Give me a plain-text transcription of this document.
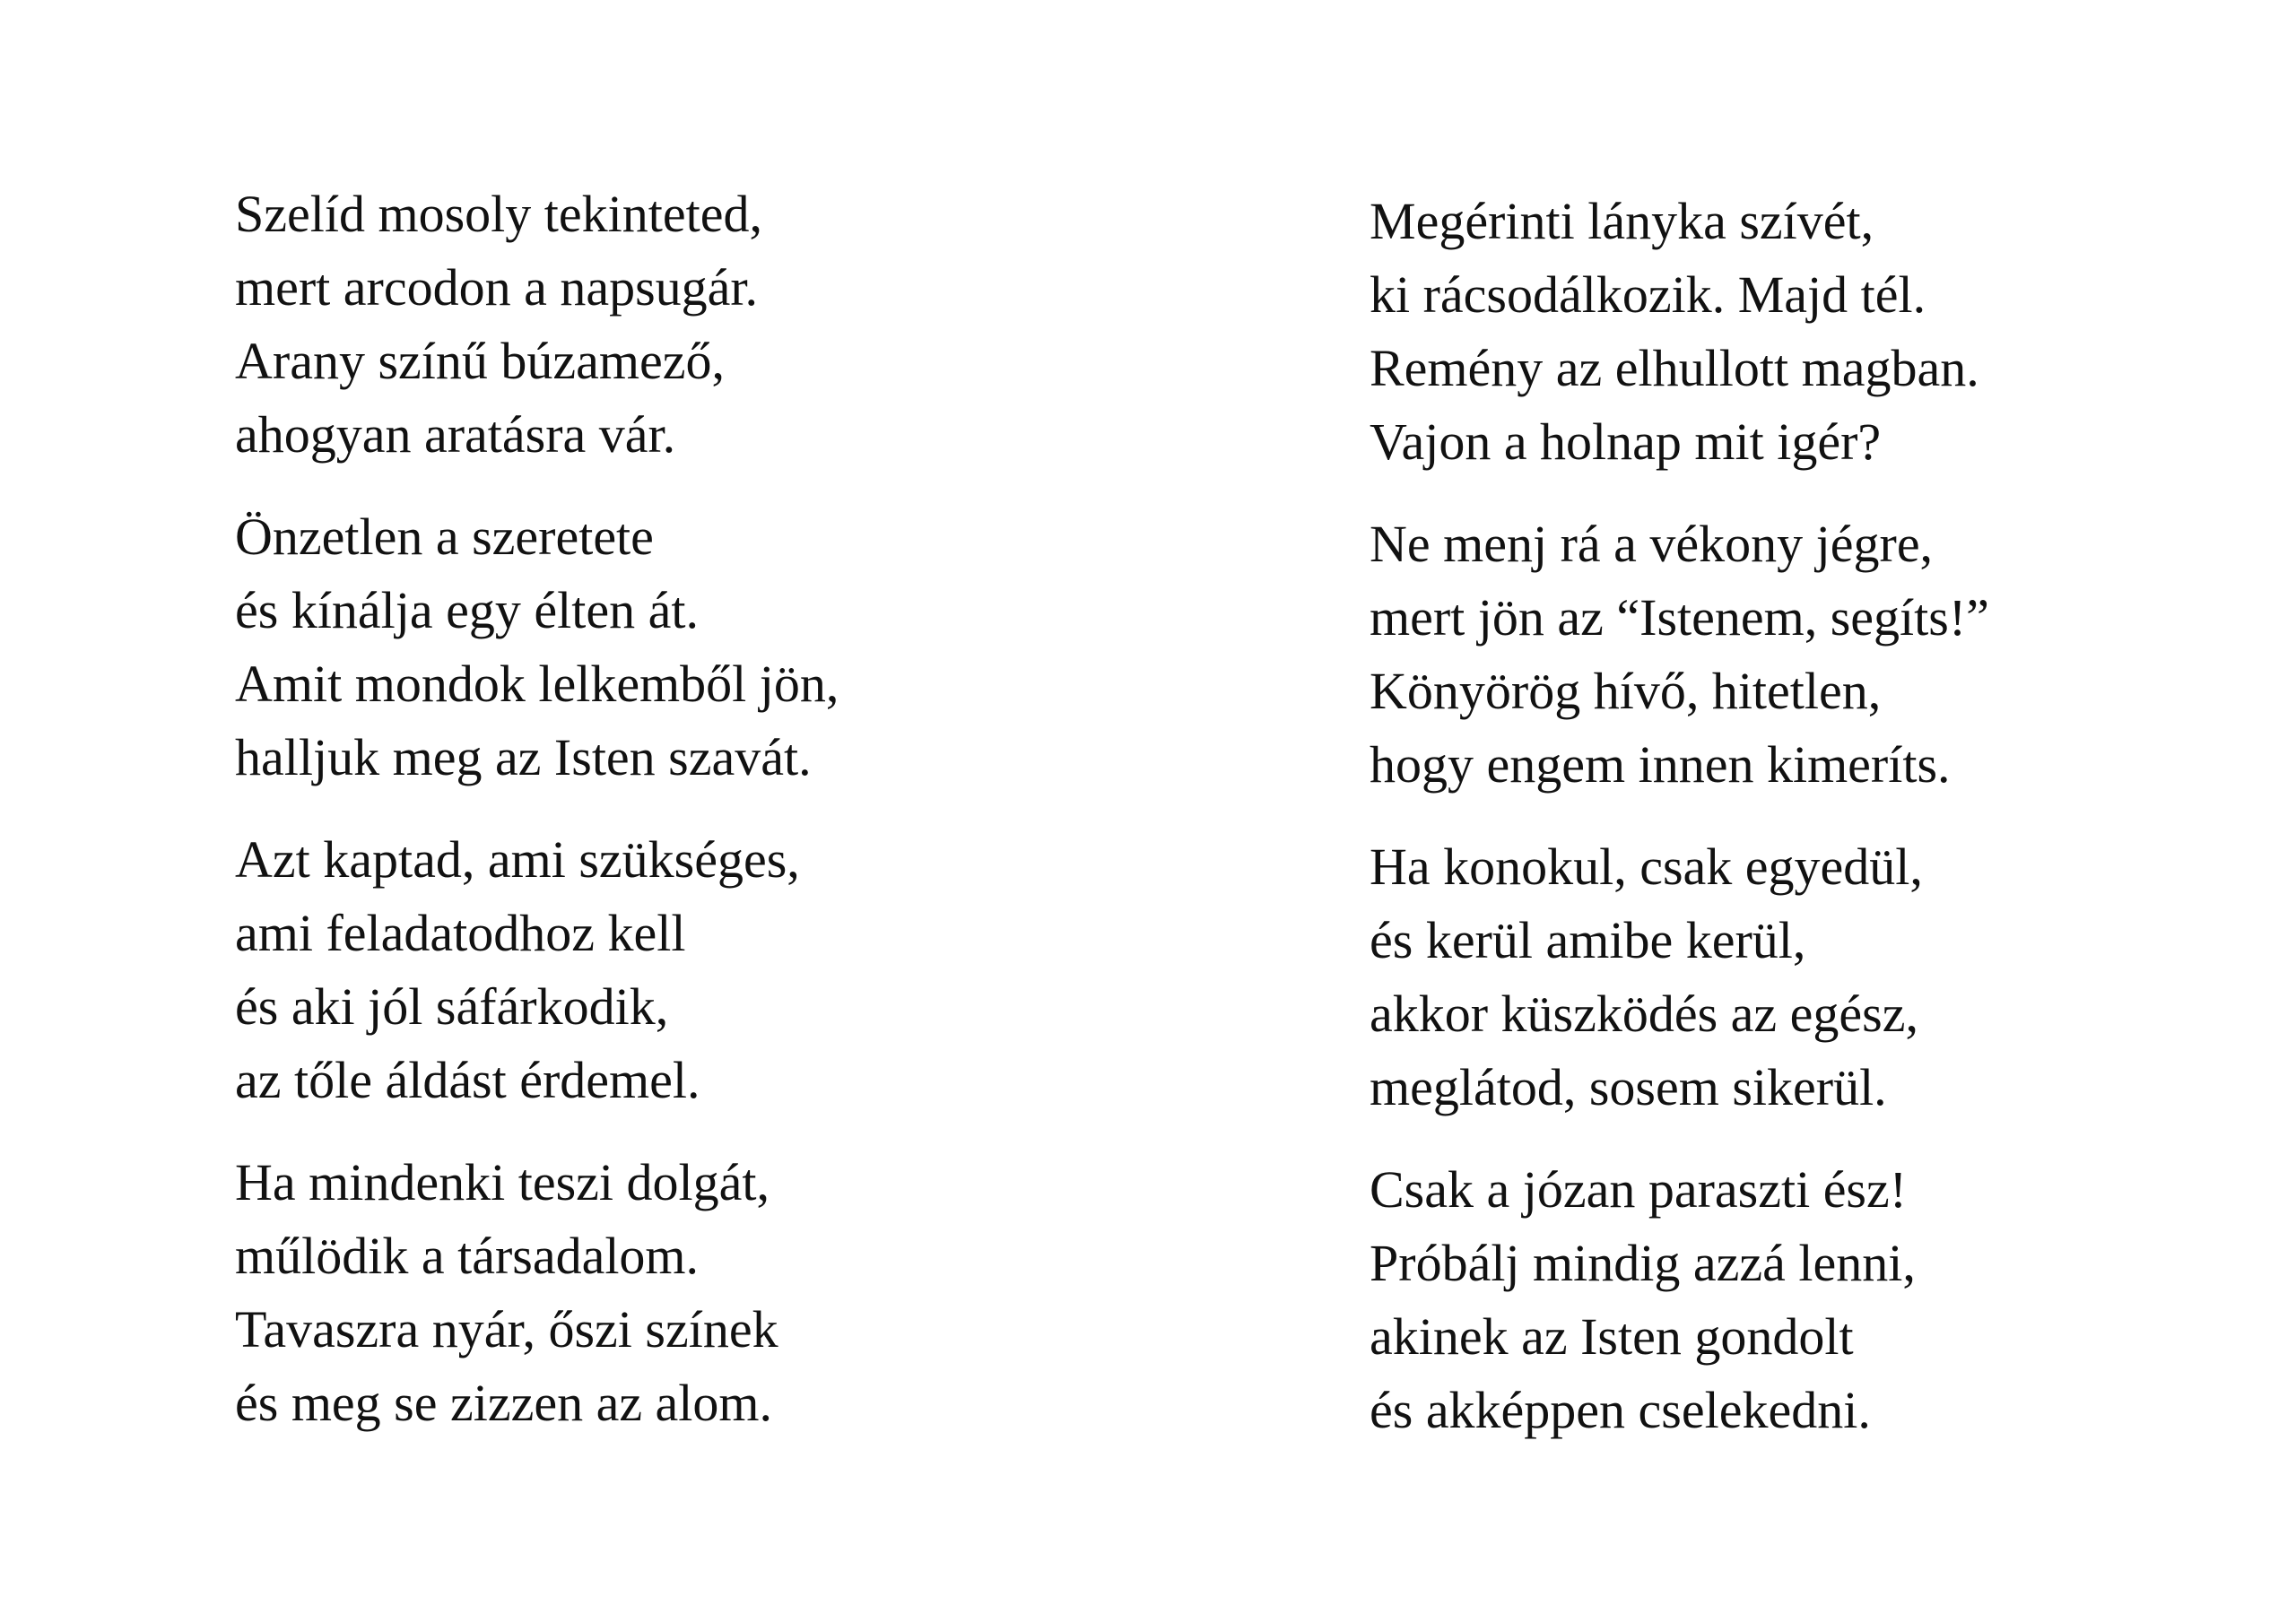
Szelíd mosoly tekinteted,
mert arcodon a napsugár.
Arany színű búzamező,
ahogyan aratásra vár.
Önzetlen a szeretete
és kínálja egy élten át.
Amit mondok lelkemből jön,
halljuk meg az Isten szavát.
Azt kaptad, ami szükséges,
ami feladatodhoz kell
és aki jól sáfárkodik,
az tőle áldást érdemel.
Ha mindenki teszi dolgát,
műlödik a társadalom.
Tavaszra nyár, őszi színek
és meg se zizzen az alom.
Megérinti lányka szívét,
ki rácsodálkozik. Majd tél.
Remény az elhullott magban.
Vajon a holnap mit igér?
Ne menj rá a vékony jégre,
mert jön az “Istenem, segíts!”
Könyörög hívő, hitetlen,
hogy engem innen kimeríts.
Ha konokul, csak egyedül,
és kerül amibe kerül,
akkor küszködés az egész,
meglátod, sosem sikerül.
Csak a józan paraszti ész!
Próbálj mindig azzá lenni,
akinek az Isten gondolt
és akképpen cselekedni.
